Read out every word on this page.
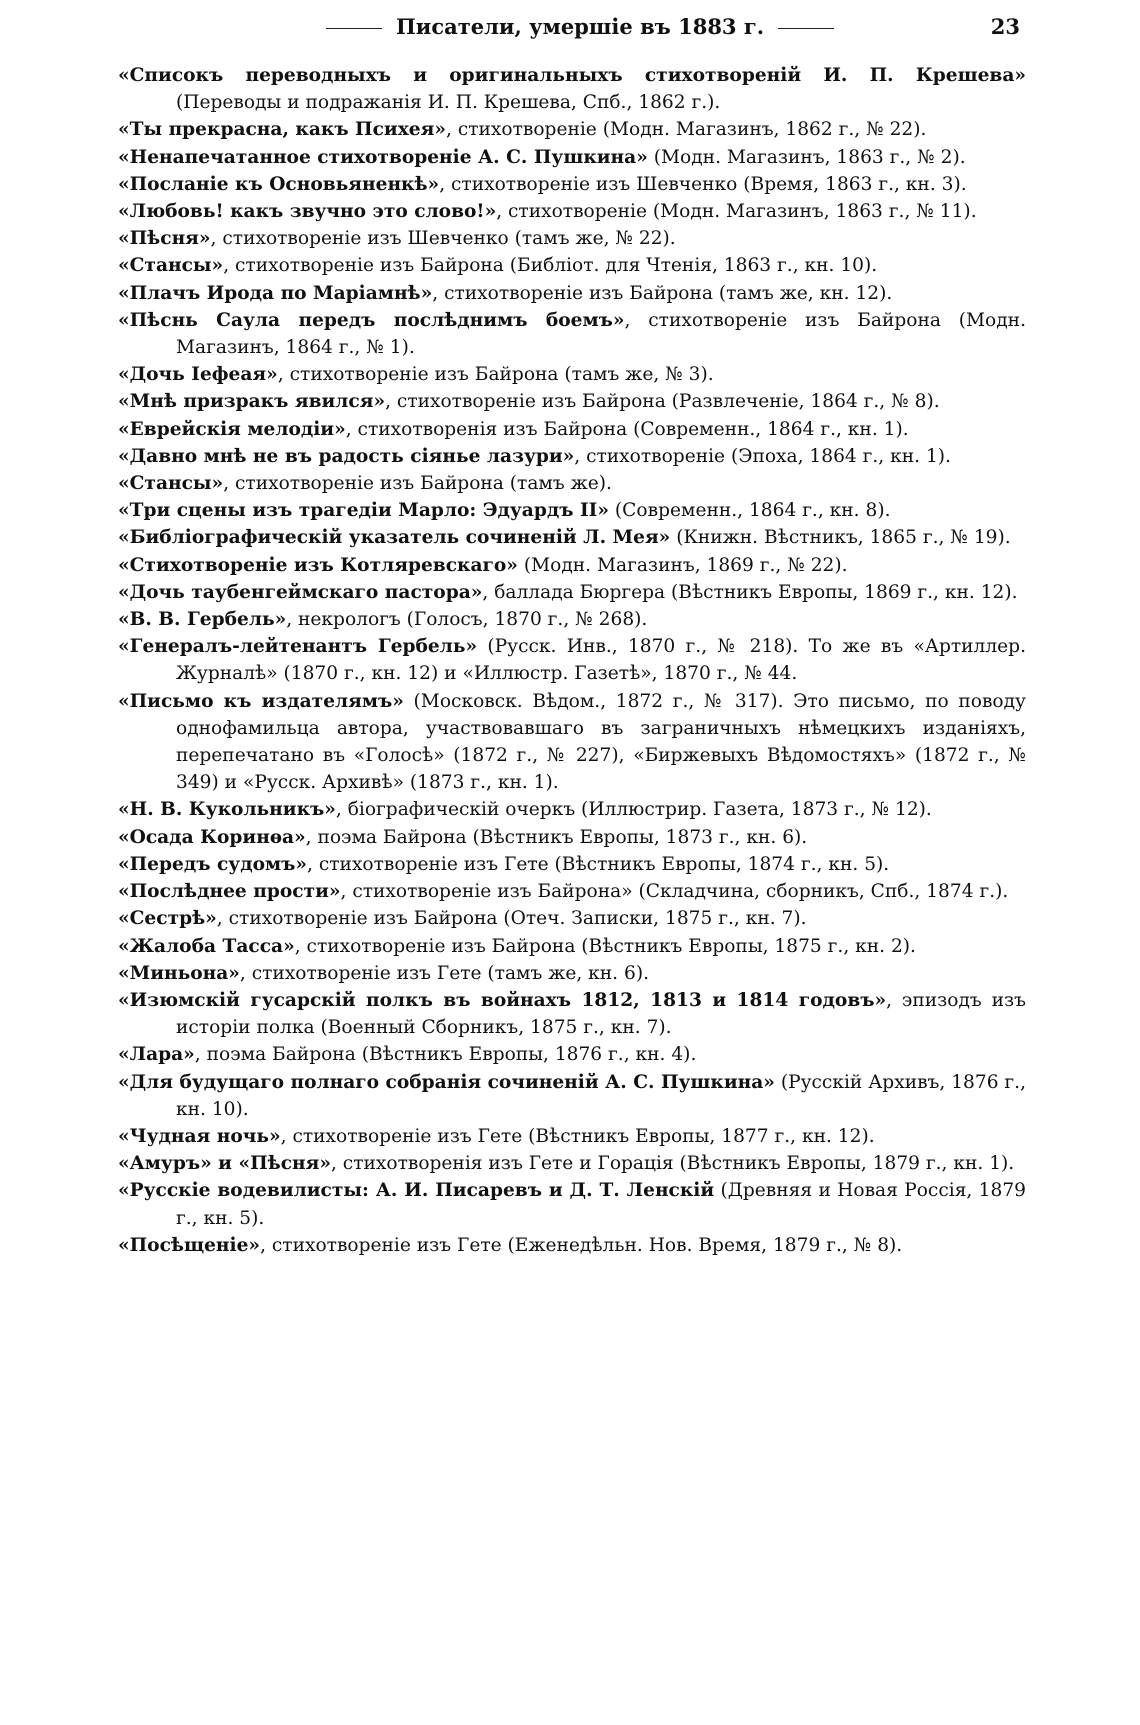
Писатели, умершіе въ 1883 г.	23
«Списокъ переводныхъ и оригинальныхъ стихотвореній И. П. Крешева» (Переводы и подражанія И. П. Крешева, Спб., 1862 г.).
«Ты прекрасна, какъ Психея», стихотвореніе (Модн. Магазинъ, 1862 г., № 22).
«Ненапечатанное стихотвореніе А. С. Пушкина» (Модн. Магазинъ, 1863 г., № 2).
«Посланіе къ Основьяненкѣ», стихотвореніе изъ Шевченко (Время, 1863 г., кн. 3).
«Любовь! какъ звучно это слово!», стихотвореніе (Модн. Магазинъ, 1863 г., № 11).
«Пѣсня», стихотвореніе изъ Шевченко (тамъ же, № 22).
«Стансы», стихотвореніе изъ Байрона (Библіот. для Чтенія, 1863 г., кн. 10).
«Плачъ Ирода по Маріамнѣ», стихотвореніе изъ Байрона (тамъ же, кн. 12).
«Пѣснь Саула передъ послѣднимъ боемъ», стихотвореніе изъ Байрона (Модн. Магазинъ, 1864 г., № 1).
«Дочь Іефеая», стихотвореніе изъ Байрона (тамъ же, № 3).
«Мнѣ призракъ явился», стихотвореніе изъ Байрона (Развлеченіе, 1864 г., № 8).
«Еврейскія мелодіи», стихотворенія изъ Байрона (Современн., 1864 г., кн. 1).
«Давно мнѣ не въ радость сіянье лазури», стихотвореніе (Эпоха, 1864 г., кн. 1).
«Стансы», стихотвореніе изъ Байрона (тамъ же).
«Три сцены изъ трагедіи Марло: Эдуардъ II» (Современн., 1864 г., кн. 8).
«Библіографическій указатель сочиненій Л. Мея» (Книжн. Вѣстникъ, 1865 г., № 19).
«Стихотвореніе изъ Котляревскаго» (Модн. Магазинъ, 1869 г., № 22).
«Дочь таубенгеймскаго пастора», баллада Бюргера (Вѣстникъ Европы, 1869 г., кн. 12).
«В. В. Гербель», некрологъ (Голосъ, 1870 г., № 268).
«Генералъ-лейтенантъ Гербель» (Русск. Инв., 1870 г., № 218). То же въ «Артиллер. Журналѣ» (1870 г., кн. 12) и «Иллюстр. Газетѣ», 1870 г., № 44.
«Письмо къ издателямъ» (Московск. Вѣдом., 1872 г., № 317). Это письмо, по поводу однофамильца автора, участвовавшаго въ заграничныхъ нѣмецкихъ изданіяхъ, перепечатано въ «Голосѣ» (1872 г., № 227), «Биржевыхъ Вѣдомостяхъ» (1872 г., № 349) и «Русск. Архивѣ» (1873 г., кн. 1).
«Н. В. Кукольникъ», біографическій очеркъ (Иллюстрир. Газета, 1873 г., № 12).
«Осада Коринѳа», поэма Байрона (Вѣстникъ Европы, 1873 г., кн. 6).
«Передъ судомъ», стихотвореніе изъ Гете (Вѣстникъ Европы, 1874 г., кн. 5).
«Послѣднее прости», стихотвореніе изъ Байрона» (Складчина, сборникъ, Спб., 1874 г.).
«Сестрѣ», стихотвореніе изъ Байрона (Отеч. Записки, 1875 г., кн. 7).
«Жалоба Тасса», стихотвореніе изъ Байрона (Вѣстникъ Европы, 1875 г., кн. 2).
«Миньона», стихотвореніе изъ Гете (тамъ же, кн. 6).
«Изюмскій гусарскій полкъ въ войнахъ 1812, 1813 и 1814 годовъ», эпизодъ изъ исторіи полка (Военный Сборникъ, 1875 г., кн. 7).
«Лара», поэма Байрона (Вѣстникъ Европы, 1876 г., кн. 4).
«Для будущаго полнаго собранія сочиненій А. С. Пушкина» (Русскій Архивъ, 1876 г., кн. 10).
«Чудная ночь», стихотвореніе изъ Гете (Вѣстникъ Европы, 1877 г., кн. 12).
«Амуръ» и «Пѣсня», стихотворенія изъ Гете и Горація (Вѣстникъ Европы, 1879 г., кн. 1).
«Русскіе водевилисты: А. И. Писаревъ и Д. Т. Ленскій (Древняя и Новая Россія, 1879 г., кн. 5).
«Посѣщеніе», стихотвореніе изъ Гете (Еженедѣльн. Нов. Время, 1879 г., № 8).
